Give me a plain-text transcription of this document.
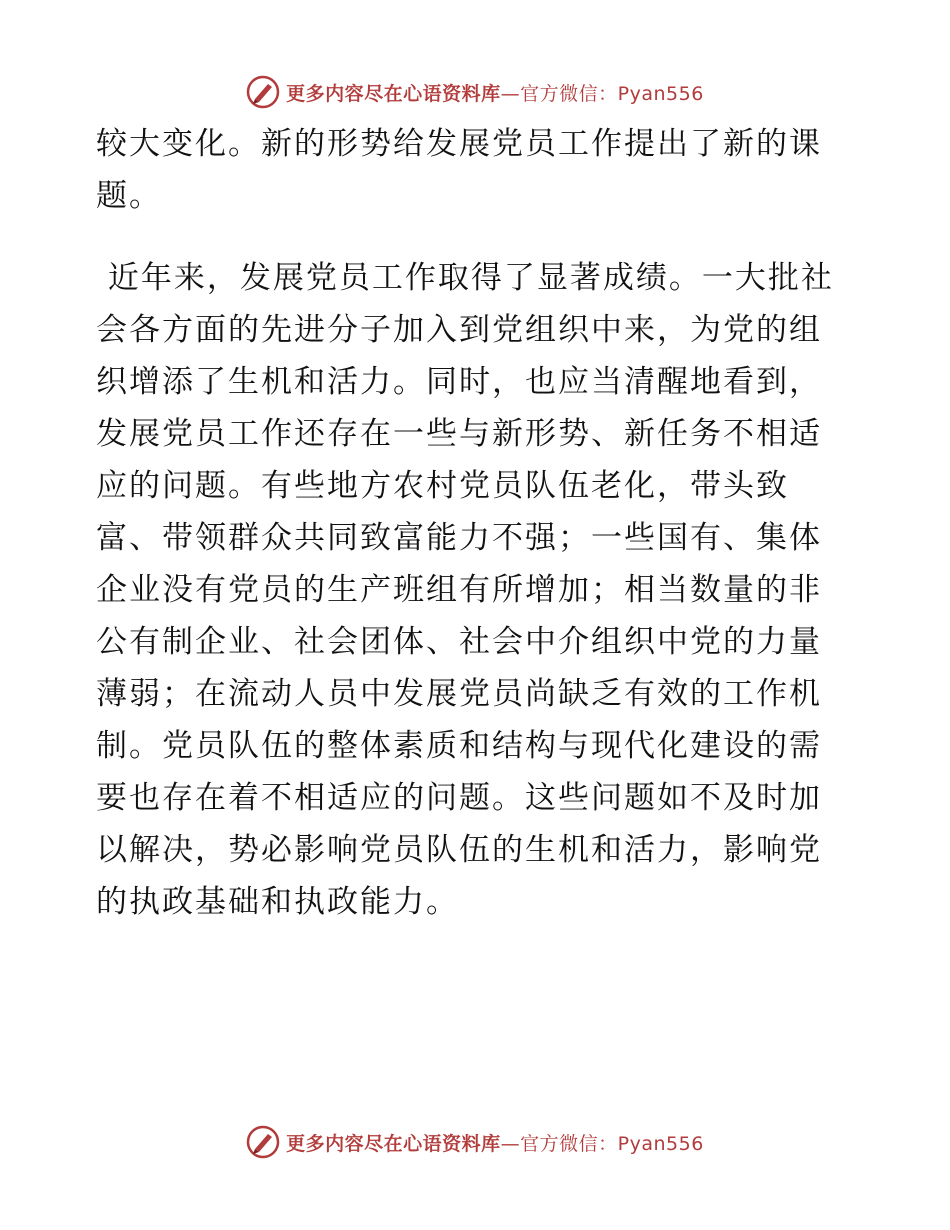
更多内容尽在心语资料库—官方微信：Pyan556

较大变化。新的形势给发展党员工作提出了新的课题。

近年来，发展党员工作取得了显著成绩。一大批社会各方面的先进分子加入到党组织中来，为党的组织增添了生机和活力。同时，也应当清醒地看到，发展党员工作还存在一些与新形势、新任务不相适应的问题。有些地方农村党员队伍老化，带头致富、带领群众共同致富能力不强；一些国有、集体企业没有党员的生产班组有所增加；相当数量的非公有制企业、社会团体、社会中介组织中党的力量薄弱；在流动人员中发展党员尚缺乏有效的工作机制。党员队伍的整体素质和结构与现代化建设的需要也存在着不相适应的问题。这些问题如不及时加以解决，势必影响党员队伍的生机和活力，影响党的执政基础和执政能力。

更多内容尽在心语资料库—官方微信：Pyan556
